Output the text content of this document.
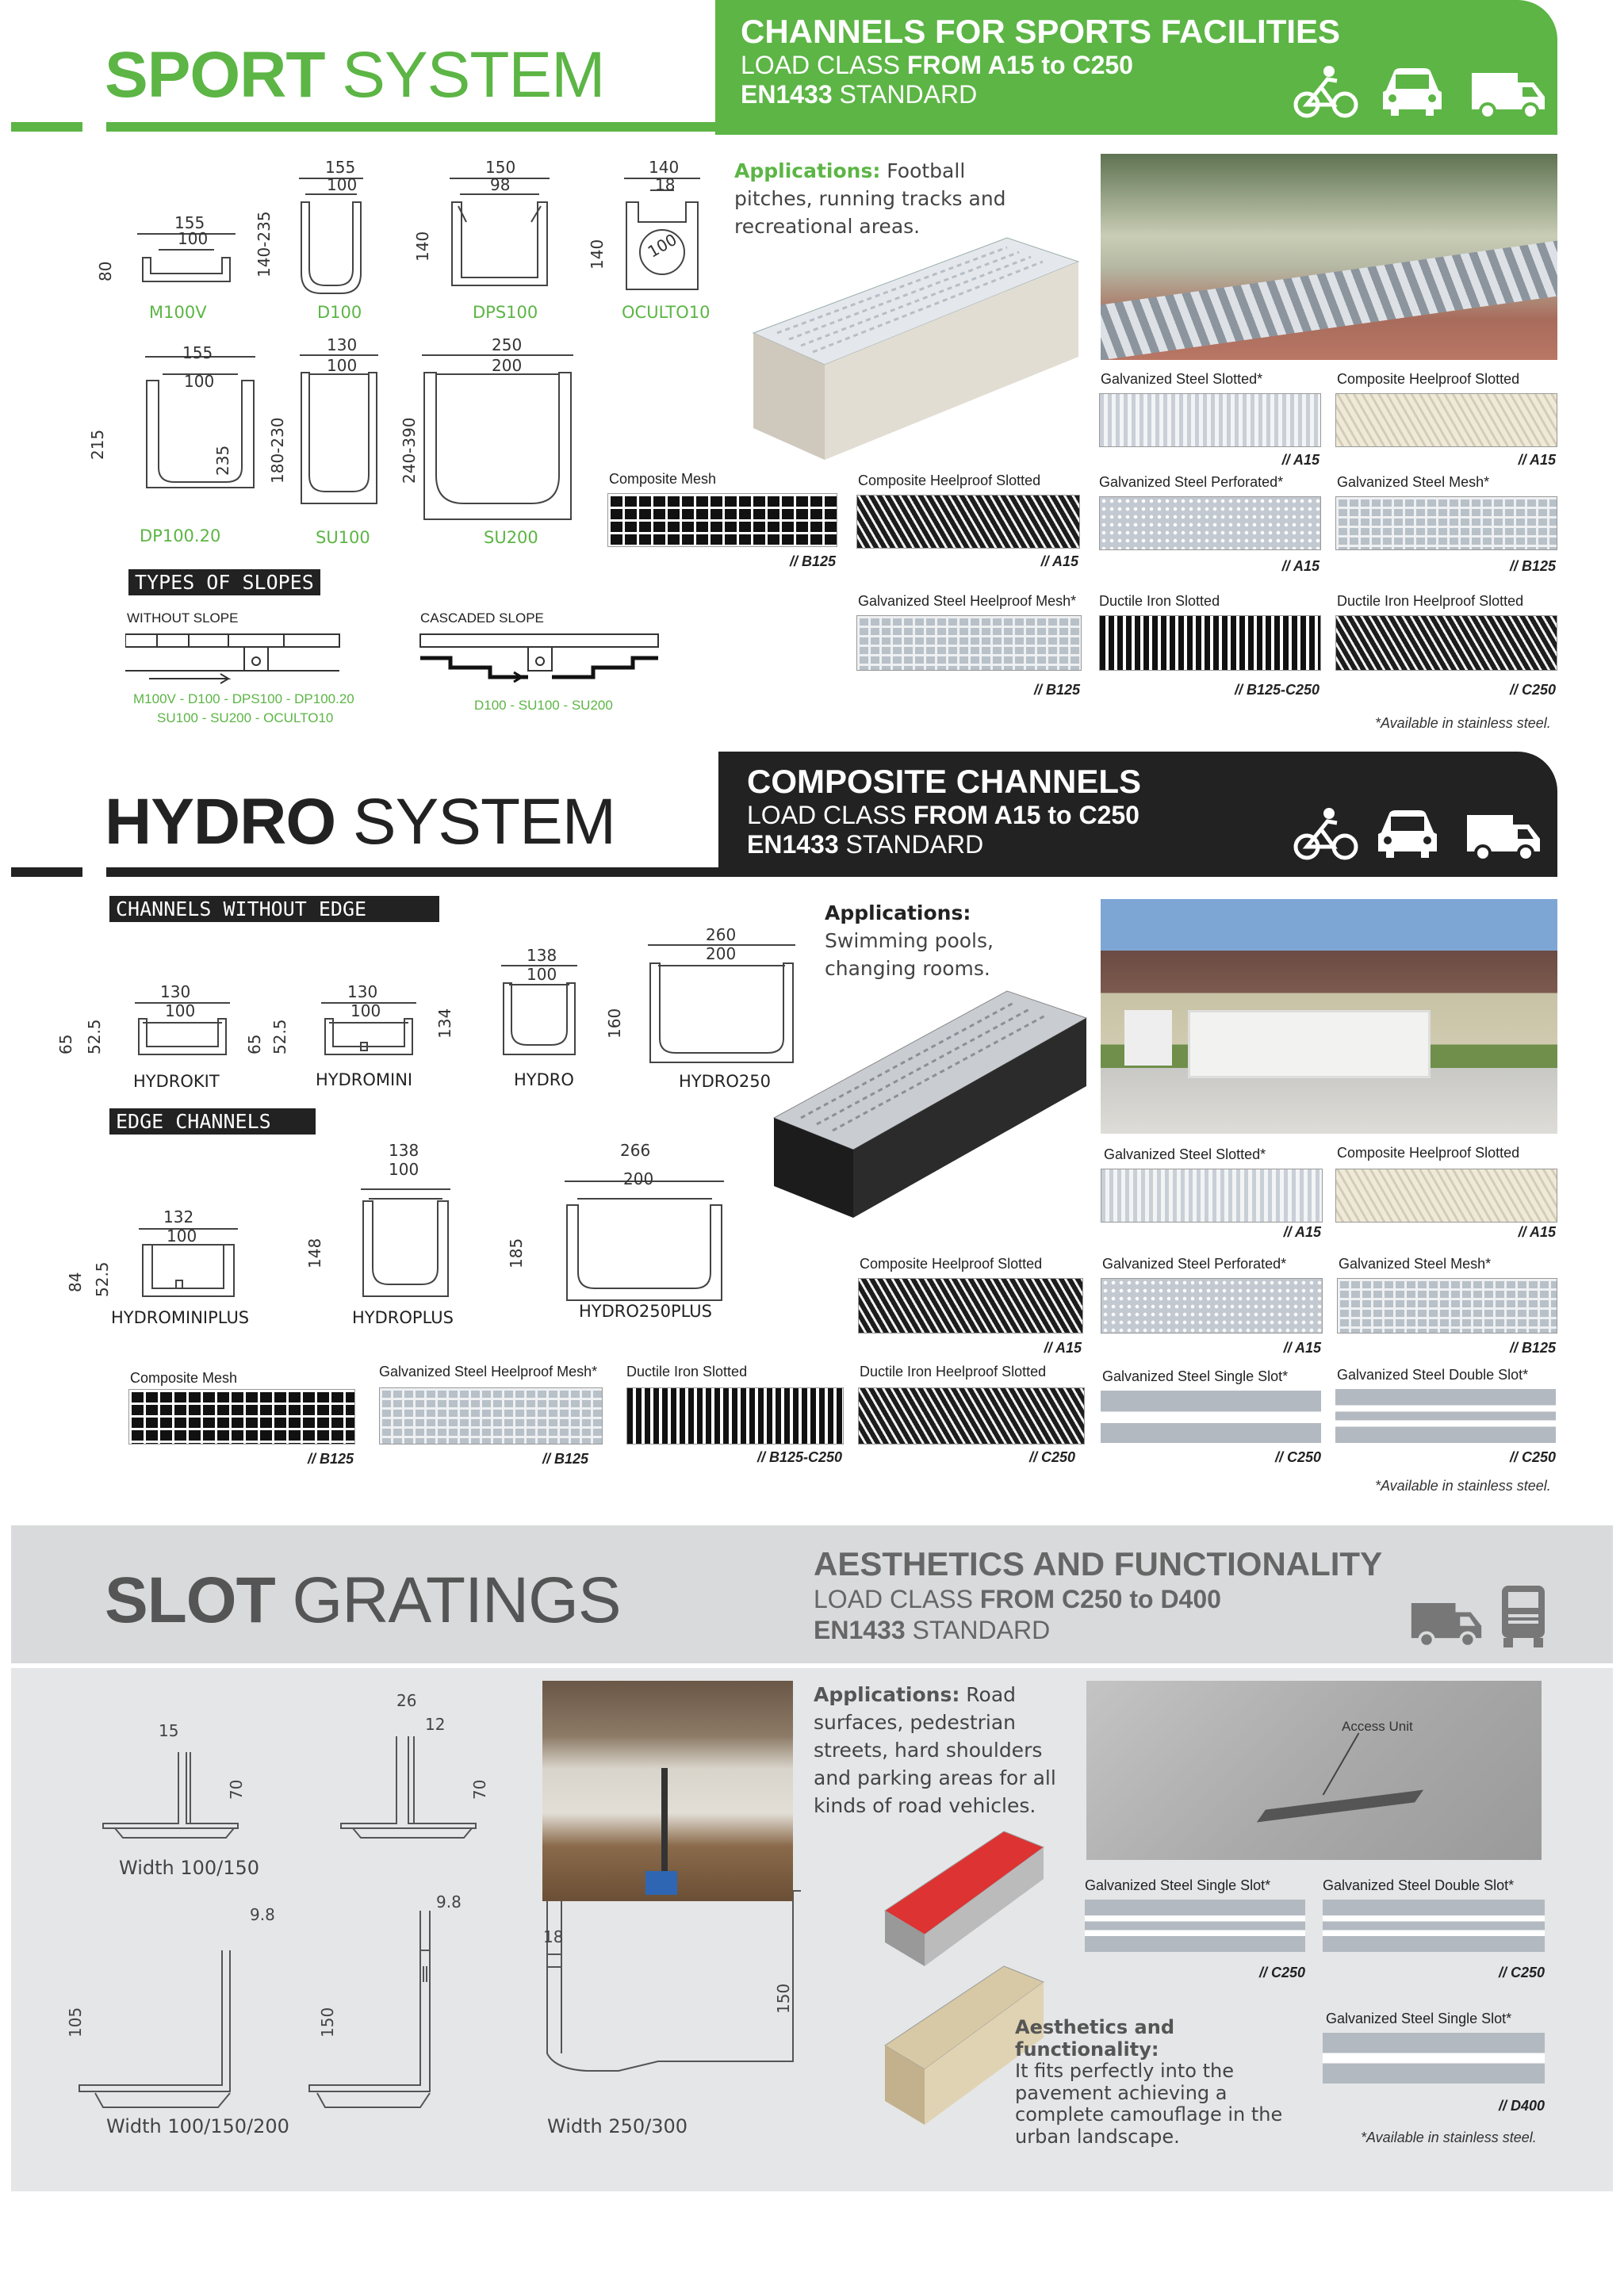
SPORT SYSTEM
CHANNELS FOR SPORTS FACILITIES
LOAD CLASS FROM A15 to C250
EN1433 STANDARD
155
100
80
155
100
140-235
150
98
140
140
18
140 100
155
100
215
235
130
100
180-230
250
200
240-390
M100V	D100	DPS100	OCULTO10
DP100.20	SU100	SU200
TYPES OF SLOPES
WITHOUT SLOPE	CASCADED SLOPE
M100V - D100 - DPS100 - DP100.20
SU100 - SU200 - OCULTO10
D100 - SU100 - SU200
Applications: Football pitches, running tracks and recreational areas.
Galvanized Steel Slotted*
// A15
Composite Heelproof Slotted
// A15
Composite Mesh
// B125
Composite Heelproof Slotted
// A15
Galvanized Steel Perforated*
// A15
Galvanized Steel Mesh*
// B125
Galvanized Steel Heelproof Mesh*
// B125
Ductile Iron Slotted
// B125-C250
Ductile Iron Heelproof Slotted
// C250
*Available in stainless steel.
HYDRO SYSTEM
COMPOSITE CHANNELS
LOAD CLASS FROM A15 to C250
EN1433 STANDARD
CHANNELS WITHOUT EDGE
EDGE CHANNELS
130
100
65 52.5
130
100
65 52.5
138
100
134
260
200
160
132
100
84 52.5
138
100
148
266
200
185
HYDROKIT	HYDROMINI	HYDRO	HYDRO250
HYDROMINIPLUS	HYDROPLUS	HYDRO250PLUS
Applications: Swimming pools, changing rooms.
Galvanized Steel Slotted*
// A15
Composite Heelproof Slotted
// A15
Composite Heelproof Slotted
// A15
Galvanized Steel Perforated*
// A15
Galvanized Steel Mesh*
// B125
Composite Mesh
// B125
Galvanized Steel Heelproof Mesh*
// B125
Ductile Iron Slotted
// B125-C250
Ductile Iron Heelproof Slotted
// C250
Galvanized Steel Single Slot*
// C250
Galvanized Steel Double Slot*
// C250
*Available in stainless steel.
SLOT GRATINGS
AESTHETICS AND FUNCTIONALITY
LOAD CLASS FROM C250 to D400
EN1433 STANDARD
15
70
26
12
70
9.8
105
9.8
150
18
150
Width 100/150
Width 100/150/200	Width 250/300
Applications: Road surfaces, pedestrian streets, hard shoulders and parking areas for all kinds of road vehicles.
Access Unit
Galvanized Steel Single Slot*
// C250
Galvanized Steel Double Slot*
// C250
Galvanized Steel Single Slot*
// D400
Aesthetics and functionality:
It fits perfectly into the pavement achieving a complete camouflage in the urban landscape.	*Available in stainless steel.
